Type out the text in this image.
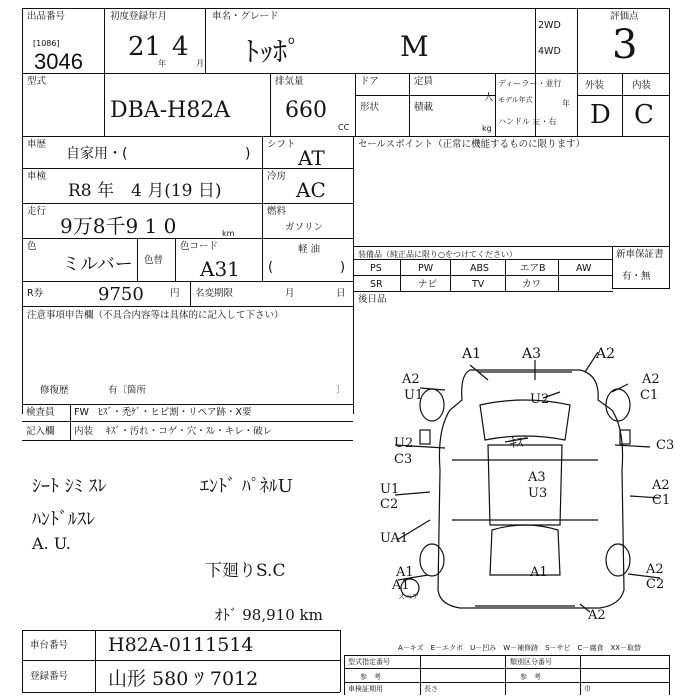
出品番号
[1086]
3046
初度登録年月
21
年
4
月
車名・グレード
ﾄｯﾎﾟ	M
2WD
4WD
評価点
3
型式
DBA-H82A
排気量
660
CC
ドア	定員
人
形状	積載
kg
ディーラー・並行
モデル年式	年
ハンドル 左・右
外装	内装
D C
車歴
自家用・(	)
車検
R8 年　4 月(19 日)
走行
9万8千9 1 0	km
色
ミルバー 色替
色コード
A31
シフト
AT
冷房
AC
燃料
ガソリン
軽 油
(	)
R券	9750	円 名変期限	月	日
注意事項申告欄（不具合内容等は具体的に記入して下さい）
修復歴	有〔箇所	〕
セールスポイント（正常に機能するものに限ります）
装備品（純正品に限り○をつけてください）
PS	PW	ABS	エアB	AW
SR	ナビ	TV	カワ
後日品
新車保証書
有・無
検査員
記入欄
FW ﾋｽﾞ・禿ｹﾞ・ヒビ割・リペア跡・X要
内装 ｷｽﾞ・汚れ・コゲ・穴・ｽﾚ・キレ・破レ
ｼｰﾄ ｼﾐ ｽﾚ
ﾊﾝﾄﾞﾙｽﾚ
A. U.
ｴﾝﾄﾞ ﾊﾟﾈﾙU
下廻りS.C
ｵﾄﾞ 98,910 km
スペア
A1	A3	A2
A2
U1	U2
A2
C1
U2
C3
ｷｽﾞ	C3
A3
U3
U1
C2
A2
C1
UA1
A1
A1
A2
C2
A1
A2
A－キズ　E－エクボ　U－凹み　W－補修跡　S－サビ　C－腐食　XX－取替
型式指定番号	類別区分番号
参　考	参　考
車検証期用	長さ	巾
車台番号 H82A-0111514
登録番号 山形 580 ﾂ 7012
